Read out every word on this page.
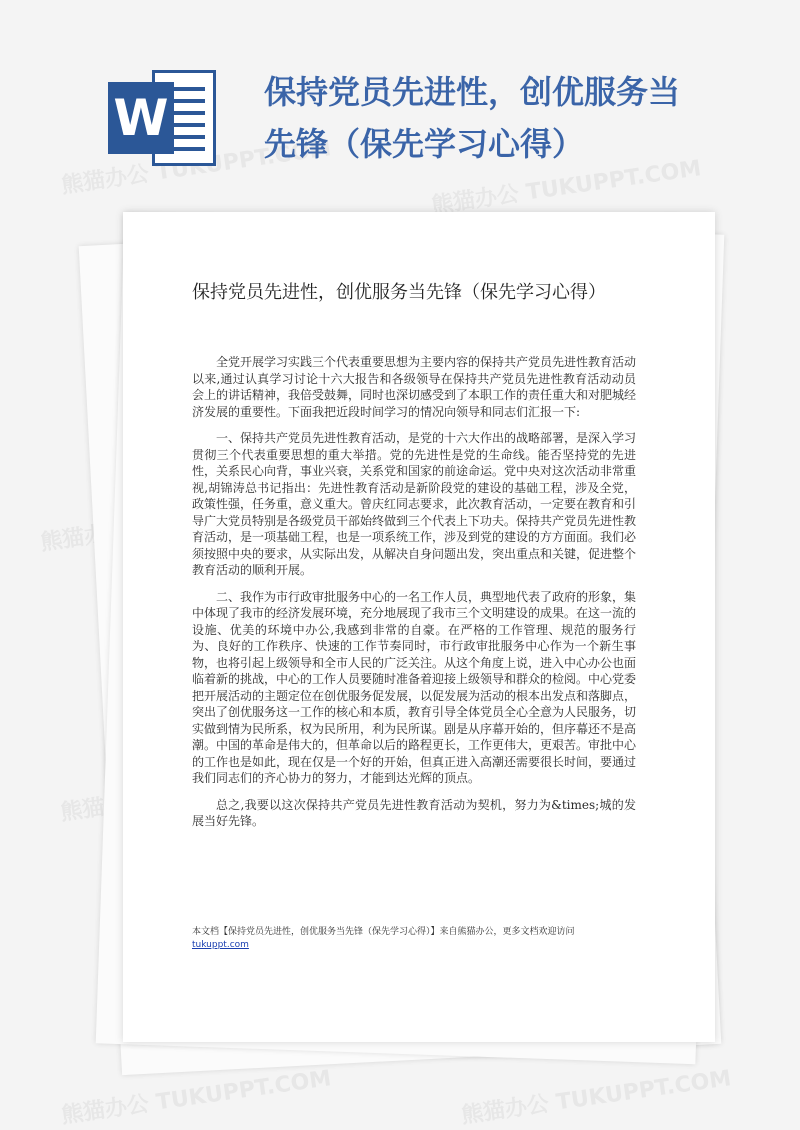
熊猫办公 TUKUPPT.COM	熊猫办公 TUKUPPT.COM
熊猫办公
熊猫办公 TUKUPPT.COM	熊猫办公 TUKUPPT.COM
W	保持党员先进性，创优服务当先锋（保先学习心得）
保持党员先进性，创优服务当先锋（保先学习心得）

全党开展学习实践三个代表重要思想为主要内容的保持共产党员先进性教育活动以来,通过认真学习讨论十六大报告和各级领导在保持共产党员先进性教育活动动员会上的讲话精神，我倍受鼓舞，同时也深切感受到了本职工作的责任重大和对肥城经济发展的重要性。下面我把近段时间学习的情况向领导和同志们汇报一下:

一、保持共产党员先进性教育活动，是党的十六大作出的战略部署，是深入学习贯彻三个代表重要思想的重大举措。党的先进性是党的生命线。能否坚持党的先进性，关系民心向背，事业兴衰，关系党和国家的前途命运。党中央对这次活动非常重视,胡锦涛总书记指出：先进性教育活动是新阶段党的建设的基础工程，涉及全党，政策性强，任务重，意义重大。曾庆红同志要求，此次教育活动，一定要在教育和引导广大党员特别是各级党员干部始终做到三个代表上下功夫。保持共产党员先进性教育活动，是一项基础工程，也是一项系统工作，涉及到党的建设的方方面面。我们必须按照中央的要求，从实际出发，从解决自身问题出发，突出重点和关键，促进整个教育活动的顺利开展。

二、我作为市行政审批服务中心的一名工作人员，典型地代表了政府的形象，集中体现了我市的经济发展环境，充分地展现了我市三个文明建设的成果。在这一流的设施、优美的环境中办公,我感到非常的自豪。在严格的工作管理、规范的服务行为、良好的工作秩序、快速的工作节奏同时，市行政审批服务中心作为一个新生事物，也将引起上级领导和全市人民的广泛关注。从这个角度上说，进入中心办公也面临着新的挑战，中心的工作人员要随时准备着迎接上级领导和群众的检阅。中心党委把开展活动的主题定位在创优服务促发展，以促发展为活动的根本出发点和落脚点，突出了创优服务这一工作的核心和本质，教育引导全体党员全心全意为人民服务，切实做到情为民所系，权为民所用，利为民所谋。剧是从序幕开始的，但序幕还不是高潮。中国的革命是伟大的，但革命以后的路程更长，工作更伟大，更艰苦。审批中心的工作也是如此，现在仅是一个好的开始，但真正进入高潮还需要很长时间，要通过我们同志们的齐心协力的努力，才能到达光辉的顶点。

总之,我要以这次保持共产党员先进性教育活动为契机，努力为&times;城的发展当好先锋。

本文档【保持党员先进性，创优服务当先锋（保先学习心得）】来自熊猫办公，更多文档欢迎访问
tukuppt.com
